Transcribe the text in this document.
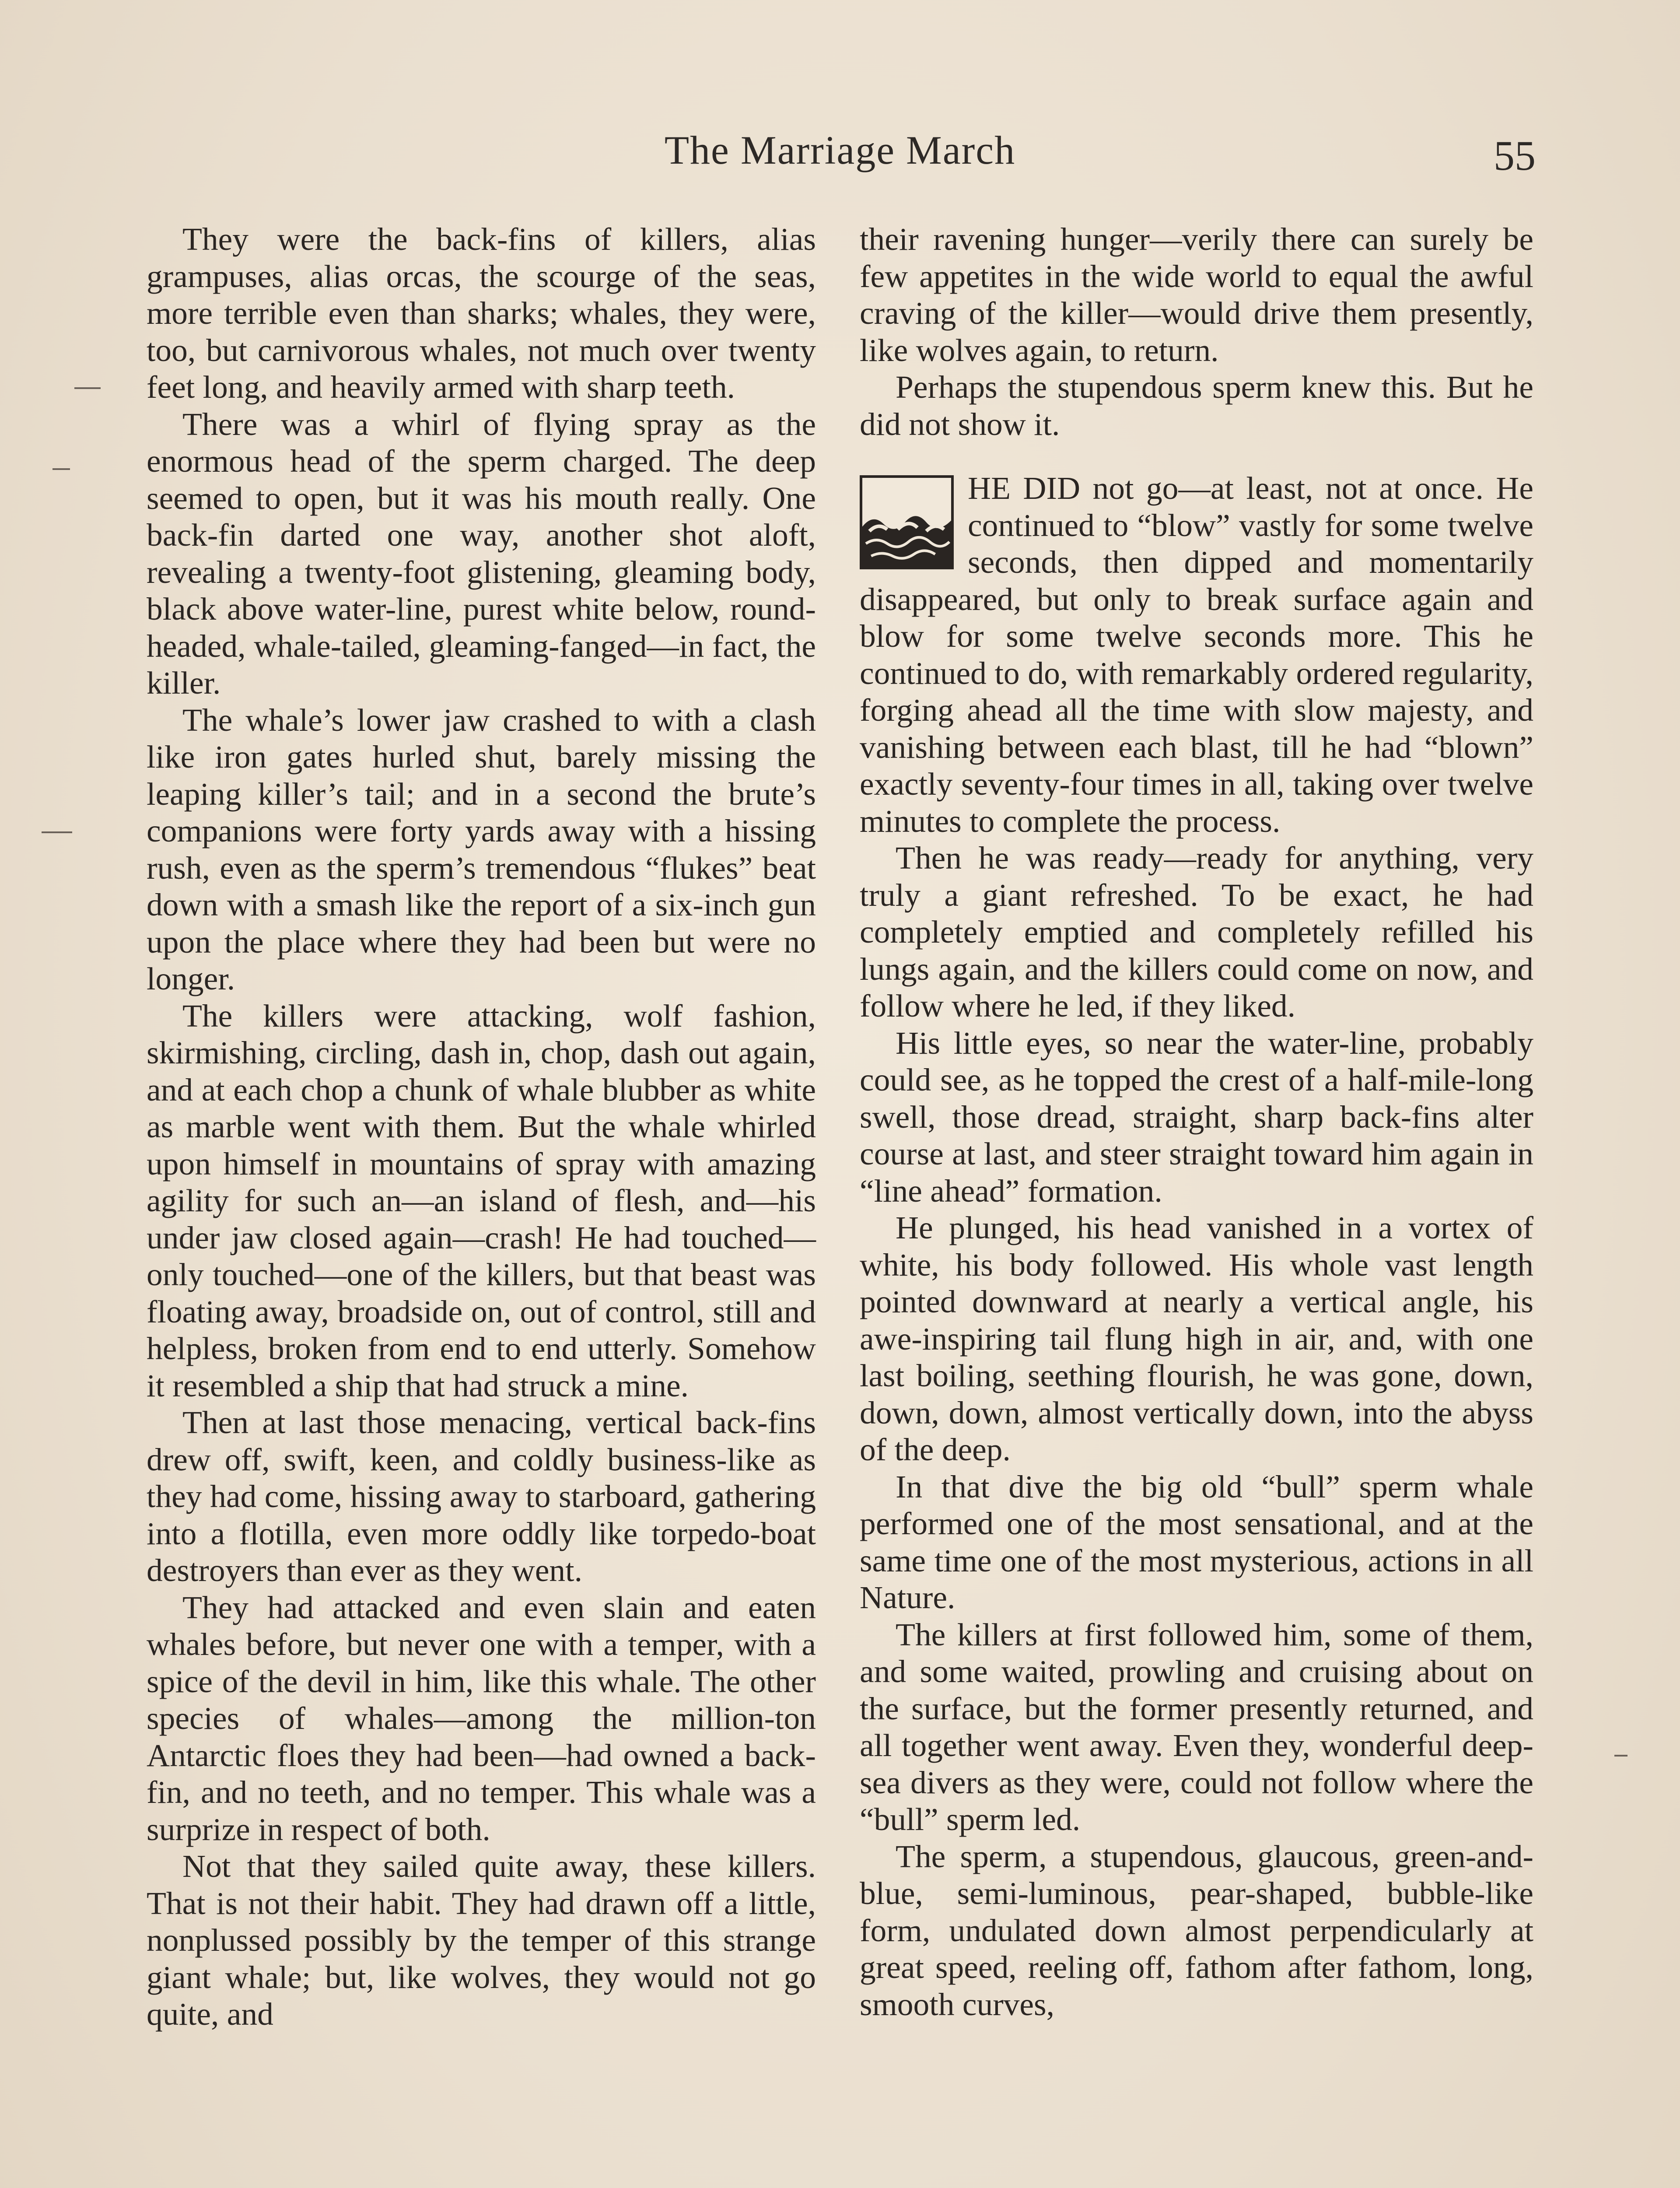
The Marriage March	55

They were the back-fins of killers, alias grampuses, alias orcas, the scourge of the seas, more terrible even than sharks; whales, they were, too, but carnivorous whales, not much over twenty feet long, and heavily armed with sharp teeth.

There was a whirl of flying spray as the enormous head of the sperm charged. The deep seemed to open, but it was his mouth really. One back-fin darted one way, another shot aloft, revealing a twenty-foot glistening, gleaming body, black above water-line, purest white below, round-headed, whale-tailed, gleaming-fanged—in fact, the killer.

The whale’s lower jaw crashed to with a clash like iron gates hurled shut, barely missing the leaping killer’s tail; and in a second the brute’s companions were forty yards away with a hissing rush, even as the sperm’s tremendous “flukes” beat down with a smash like the report of a six-inch gun upon the place where they had been but were no longer.

The killers were attacking, wolf fashion, skirmishing, circling, dash in, chop, dash out again, and at each chop a chunk of whale blubber as white as marble went with them. But the whale whirled upon himself in mountains of spray with amazing agility for such an—an island of flesh, and—his under jaw closed again—crash! He had touched—only touched—one of the killers, but that beast was floating away, broadside on, out of control, still and helpless, broken from end to end utterly. Somehow it resembled a ship that had struck a mine.

Then at last those menacing, vertical back-fins drew off, swift, keen, and coldly business-like as they had come, hissing away to starboard, gathering into a flotilla, even more oddly like torpedo-boat destroyers than ever as they went.

They had attacked and even slain and eaten whales before, but never one with a temper, with a spice of the devil in him, like this whale. The other species of whales—among the million-ton Antarctic floes they had been—had owned a back-fin, and no teeth, and no temper. This whale was a surprize in respect of both.

Not that they sailed quite away, these killers. That is not their habit. They had drawn off a little, nonplussed possibly by the temper of this strange giant whale; but, like wolves, they would not go quite, and

their ravening hunger—verily there can surely be few appetites in the wide world to equal the awful craving of the killer—would drive them presently, like wolves again, to return.

Perhaps the stupendous sperm knew this. But he did not show it.

HE DID not go—at least, not at once. He continued to “blow” vastly for some twelve seconds, then dipped and momentarily disappeared, but only to break surface again and blow for some twelve seconds more. This he continued to do, with remarkably ordered regularity, forging ahead all the time with slow majesty, and vanishing between each blast, till he had “blown” exactly seventy-four times in all, taking over twelve minutes to complete the process.

Then he was ready—ready for anything, very truly a giant refreshed. To be exact, he had completely emptied and completely refilled his lungs again, and the killers could come on now, and follow where he led, if they liked.

His little eyes, so near the water-line, probably could see, as he topped the crest of a half-mile-long swell, those dread, straight, sharp back-fins alter course at last, and steer straight toward him again in “line ahead” formation.

He plunged, his head vanished in a vortex of white, his body followed. His whole vast length pointed downward at nearly a vertical angle, his awe-inspiring tail flung high in air, and, with one last boiling, seething flourish, he was gone, down, down, down, almost vertically down, into the abyss of the deep.

In that dive the big old “bull” sperm whale performed one of the most sensational, and at the same time one of the most mysterious, actions in all Nature.

The killers at first followed him, some of them, and some waited, prowling and cruising about on the surface, but the former presently returned, and all together went away. Even they, wonderful deep-sea divers as they were, could not follow where the “bull” sperm led.

The sperm, a stupendous, glaucous, green-and-blue, semi-luminous, pear-shaped, bubble-like form, undulated down almost perpendicularly at great speed, reeling off, fathom after fathom, long, smooth curves,
